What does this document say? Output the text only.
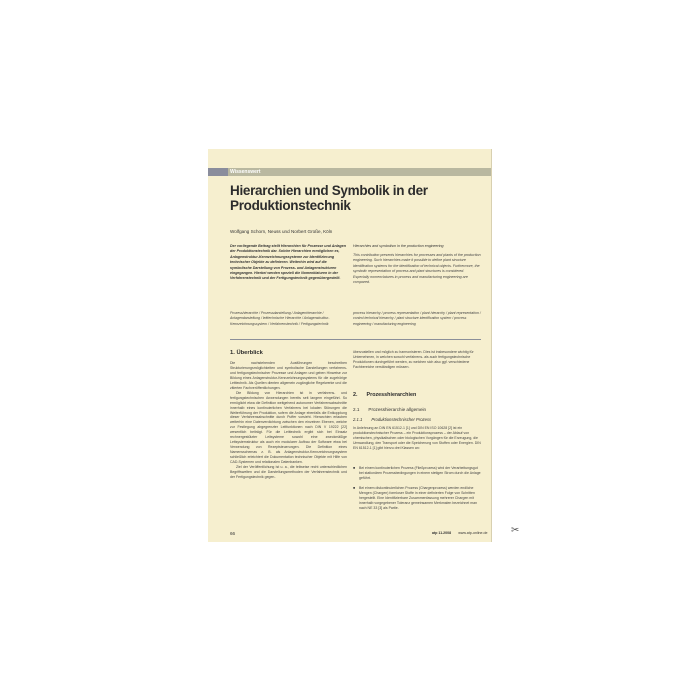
Wissenswert
Hierarchien und Symbolik in der Produktionstechnik
Wolfgang Schorn, Neuss und Norbert Große, Köln
Der vorliegende Beitrag stellt Hierarchien für Prozesse und Anlagen der Produktionstechnik dar. Solche Hierarchien ermöglichen es, Anlagenstruktur-Kennzeichnungssysteme zur Identifizierung technischer Objekte zu definieren. Weiterhin wird auf die symbolische Darstellung von Prozess- und Anlagenstrukturen eingegangen. Hierbei werden speziell die Nomenklaturen in der Verfahrenstechnik und der Fertigungstechnik gegenübergestellt.
Prozesshierarchie / Prozessdarstellung / Anlagenhierarchie / Anlagendarstellung / leittechnische Hierarchie / Anlagenstruktur-Kennzeichnungssystem / Verfahrenstechnik / Fertigungstechnik
Hierarchies and symbolism in the production engineering
This contribution presents hierarchies for processes and plants of the production engineering. Such hierarchies make it possible to define plant structure identification systems for the identification of technical objects. Furthermore, the symbolic representation of process and plant structures is considered. Especially nomenclatures in process and manufacturing engineering are compared.
process hierarchy / process representation / plant hierarchy / plant representation / control technical hierarchy / plant structure identification system / process engineering / manufacturing engineering
1. Überblick

Die nachstehenden Ausführungen beschreiben Strukturierungsmöglichkeiten und symbolische Darstellungen verfahrens- und fertigungstechnischer Prozesse und Anlagen und geben Hinweise zur Bildung eines Anlagenstruktur-Kennzeichnungssystems für die zugehörige Leittechnik. Als Quellen dienten allgemein zugängliche Regelwerke und die zitierten Fachveröffentlichungen.

Die Bildung von Hierarchien ist in verfahrens- und fertigungstechnischen Anwendungen bereits seit langem eingeführt. So ermöglicht etwa die Definition weitgehend autonomer Verfahrensabschnitte innerhalb eines kontinuierlichen Verfahrens bei lokalen Störungen die Weiterführung der Produktion, sofern die Anlage ebenfalls die Entkopplung dieser Verfahrensabschnitte durch Puffer vorsieht. Hierarchien erlauben weiterhin eine Datenverdichtung zwischen den einzelnen Ebenen, welche zur Festlegung abgegrenzter Leitfunktionen nach DIN V 19222 [22] wesentlich beiträgt. Für die Leittechnik ergibt sich bei Einsatz rechnergestützter Leitsysteme sowohl eine zweckmäßige Leitsystemstruktur als auch ein modularer Aufbau der Software etwa bei Verwendung von Rezeptsteuerungen. Die Definition eines Namensschemas z. B. als Anlagenstruktur-Kennzeichnungssystem schließlich erleichtert die Dokumentation technischer Objekte mit Hilfe von CAD-Systemen und relationalen Datenbanken.

Ziel der Veröffentlichung ist u. a., die teilweise recht unterschiedlichen Begriffswelten und die Darstellungsmethoden der Verfahrenstechnik und der Fertigungstechnik gegen-

überzustellen und möglich zu harmonisieren. Dies ist insbesondere wichtig für Unternehmen, in welchen sowohl verfahrens- als auch fertigungstechnische Produktionen durchgeführt werden, zu welchen sich also ggf. verschiedene Fachbereiche verständigen müssen.
2. Prozesshierarchien
2.1 Prozesshierarchie allgemein
2.1.1 Produktionstechnischer Prozess
In Anlehnung an DIN EN 61512-1 [1] und DIN EN ISO 10628 [2] ist ein produktionstechnischer Prozess – ein Produktionsprozess – der Ablauf von chemischen, physikalischen oder biologischen Vorgängen für die Erzeugung, die Umwandlung, den Transport oder die Speicherung von Stoffen oder Energien. DIN EN 61512-1 [1] gibt hierzu drei Klassen an:
■ Bei einem kontinuierlichen Prozess (Fließprozess) wird der Verarbeitungsgut bei stationären Prozessbedingungen in einem stetigen Strom durch die Anlage geführt.
■ Bei einem diskontinuierlichen Prozess (Chargenprozess) werden endliche Mengen (Chargen) formloser Stoffe in einer definierten Folge von Schritten hergestellt. Eine Identifizierbare Zusammenfassung mehrerer Chargen mit innerhalb vorgegebener Toleranz gemeinsamen Merkmalen bezeichnet man nach NE 33 [3] als Partie.
66	atp 11.2008 www.atp-online.de ✂
